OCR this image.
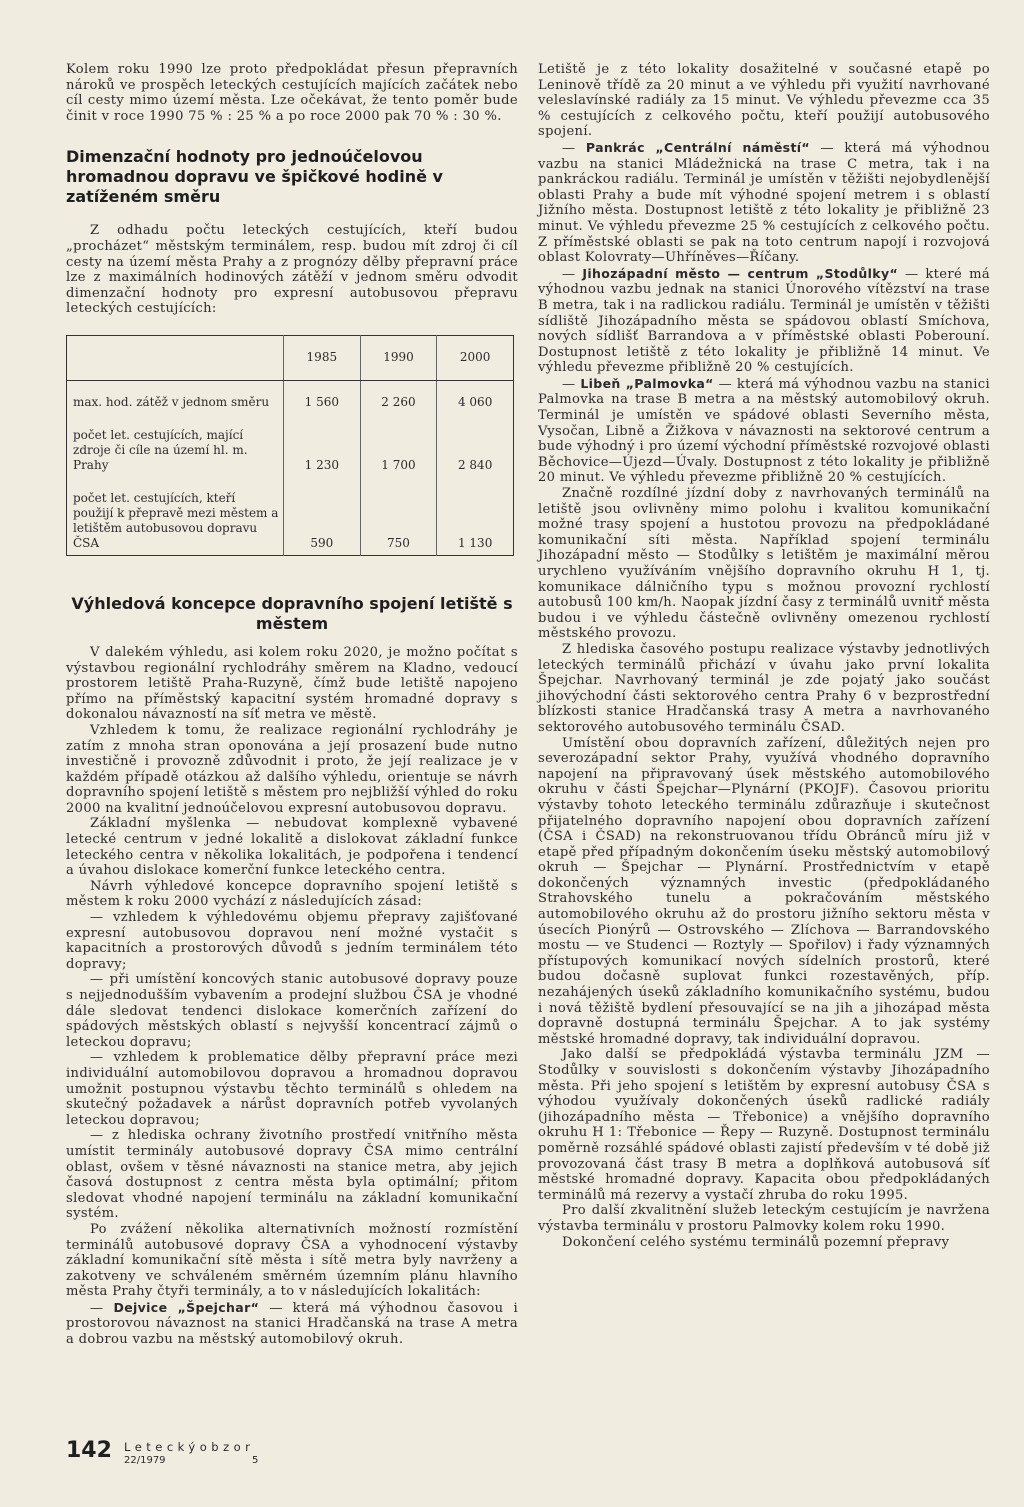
Kolem roku 1990 lze proto předpokládat přesun přepravních nároků ve prospěch leteckých cestujících majících začátek nebo cíl cesty mimo území města. Lze očekávat, že tento poměr bude činit v roce 1990 75 % : 25 % a po roce 2000 pak 70 % : 30 %.

Dimenzační hodnoty pro jednoúčelovou hromadnou dopravu ve špičkové hodině v zatíženém směru

Z odhadu počtu leteckých cestujících, kteří budou „procházet“ městským terminálem, resp. budou mít zdroj či cíl cesty na území města Prahy a z prognózy dělby přepravní práce lze z maximálních hodinových zátěží v jednom směru odvodit dimenzační hodnoty pro expresní autobusovou přepravu leteckých cestujících:

	1985	1990	2000
max. hod. zátěž v jednom směru	1 560	2 260	4 060
počet let. cestujících, mající zdroje či cíle na území hl. m. Prahy	1 230	1 700	2 840
počet let. cestujících, kteří použijí k přepravě mezi městem a letištěm autobusovou dopravu ČSA	590	750	1 130
Výhledová koncepce dopravního spojení letiště s městem

V dalekém výhledu, asi kolem roku 2020, je možno počítat s výstavbou regionální rychlodráhy směrem na Kladno, vedoucí prostorem letiště Praha-Ruzyně, čímž bude letiště napojeno přímo na příměstský kapacitní systém hromadné dopravy s dokonalou návazností na síť metra ve městě.

Vzhledem k tomu, že realizace regionální rychlodráhy je zatím z mnoha stran oponována a její prosazení bude nutno investičně i provozně zdůvodnit i proto, že její realizace je v každém případě otázkou až dalšího výhledu, orientuje se návrh dopravního spojení letiště s městem pro nejbližší výhled do roku 2000 na kvalitní jednoúčelovou expresní autobusovou dopravu.

Základní myšlenka — nebudovat komplexně vybavené letecké centrum v jedné lokalitě a dislokovat základní funkce leteckého centra v několika lokalitách, je podpořena i tendencí a úvahou dislokace komerční funkce leteckého centra.

Návrh výhledové koncepce dopravního spojení letiště s městem k roku 2000 vychází z následujících zásad:

— vzhledem k výhledovému objemu přepravy zajišťované expresní autobusovou dopravou není možné vystačit s kapacitních a prostorových důvodů s jedním terminálem této dopravy;

— při umístění koncových stanic autobusové dopravy pouze s nejjednodušším vybavením a prodejní službou ČSA je vhodné dále sledovat tendenci dislokace komerčních zařízení do spádových městských oblastí s nejvyšší koncentrací zájmů o leteckou dopravu;

— vzhledem k problematice dělby přepravní práce mezi individuální automobilovou dopravou a hromadnou dopravou umožnit postupnou výstavbu těchto terminálů s ohledem na skutečný požadavek a nárůst dopravních potřeb vyvolaných leteckou dopravou;

— z hlediska ochrany životního prostředí vnitřního města umístit terminály autobusové dopravy ČSA mimo centrální oblast, ovšem v těsné návaznosti na stanice metra, aby jejich časová dostupnost z centra města byla optimální; přitom sledovat vhodné napojení terminálu na základní komunikační systém.

Po zvážení několika alternativních možností rozmístění terminálů autobusové dopravy ČSA a vyhodnocení výstavby základní komunikační sítě města i sítě metra byly navrženy a zakotveny ve schváleném směrném územním plánu hlavního města Prahy čtyři terminály, a to v následujících lokalitách:

— Dejvice „Špejchar“ — která má výhodnou časovou i prostorovou návaznost na stanici Hradčanská na trase A metra a dobrou vazbu na městský automobilový okruh.

Letiště je z této lokality dosažitelné v současné etapě po Leninově třídě za 20 minut a ve výhledu při využití navrhované veleslavínské radiály za 15 minut. Ve výhledu převezme cca 35 % cestujících z celkového počtu, kteří použijí autobusového spojení.

— Pankrác „Centrální náměstí“ — která má výhodnou vazbu na stanici Mládežnická na trase C metra, tak i na pankráckou radiálu. Terminál je umístěn v těžišti nejobydlenější oblasti Prahy a bude mít výhodné spojení metrem i s oblastí Jižního města. Dostupnost letiště z této lokality je přibližně 23 minut. Ve výhledu převezme 25 % cestujících z celkového počtu. Z příměstské oblasti se pak na toto centrum napojí i rozvojová oblast Kolovraty—Uhříněves—Říčany.

— Jihozápadní město — centrum „Stodůlky“ — které má výhodnou vazbu jednak na stanici Únorového vítězství na trase B metra, tak i na radlickou radiálu. Terminál je umístěn v těžišti sídliště Jihozápadního města se spádovou oblastí Smíchova, nových sídlišť Barrandova a v příměstské oblasti Poberouní. Dostupnost letiště z této lokality je přibližně 14 minut. Ve výhledu převezme přibližně 20 % cestujících.

— Libeň „Palmovka“ — která má výhodnou vazbu na stanici Palmovka na trase B metra a na městský automobilový okruh. Terminál je umístěn ve spádové oblasti Severního města, Vysočan, Libně a Žižkova v návaznosti na sektorové centrum a bude výhodný i pro území východní příměstské rozvojové oblasti Běchovice—Újezd—Úvaly. Dostupnost z této lokality je přibližně 20 minut. Ve výhledu převezme přibližně 20 % cestujících.

Značně rozdílné jízdní doby z navrhovaných terminálů na letiště jsou ovlivněny mimo polohu i kvalitou komunikační možné trasy spojení a hustotou provozu na předpokládané komunikační síti města. Například spojení terminálu Jihozápadní město — Stodůlky s letištěm je maximální měrou urychleno využíváním vnějšího dopravního okruhu H 1, tj. komunikace dálničního typu s možnou provozní rychlostí autobusů 100 km/h. Naopak jízdní časy z terminálů uvnitř města budou i ve výhledu částečně ovlivněny omezenou rychlostí městského provozu.

Z hlediska časového postupu realizace výstavby jednotlivých leteckých terminálů přichází v úvahu jako první lokalita Špejchar. Navrhovaný terminál je zde pojatý jako součást jihovýchodní části sektorového centra Prahy 6 v bezprostřední blízkosti stanice Hradčanská trasy A metra a navrhovaného sektorového autobusového terminálu ČSAD.

Umístění obou dopravních zařízení, důležitých nejen pro severozápadní sektor Prahy, využívá vhodného dopravního napojení na připravovaný úsek městského automobilového okruhu v části Špejchar—Plynární (PKOJF). Časovou prioritu výstavby tohoto leteckého terminálu zdůrazňuje i skutečnost přijatelného dopravního napojení obou dopravních zařízení (ČSA i ČSAD) na rekonstruovanou třídu Obránců míru již v etapě před případným dokončením úseku městský automobilový okruh — Špejchar — Plynární. Prostřednictvím v etapě dokončených významných investic (předpokládaného Strahovského tunelu a pokračováním městského automobilového okruhu až do prostoru jižního sektoru města v úsecích Pionýrů — Ostrovského — Zlíchova — Barrandovského mostu — ve Studenci — Roztyly — Spořilov) i řady významných přístupových komunikací nových sídelních prostorů, které budou dočasně suplovat funkci rozestavěných, příp. nezahájených úseků základního komunikačního systému, budou i nová těžiště bydlení přesouvající se na jih a jihozápad města dopravně dostupná terminálu Špejchar. A to jak systémy městské hromadné dopravy, tak individuální dopravou.

Jako další se předpokládá výstavba terminálu JZM — Stodůlky v souvislosti s dokončením výstavby Jihozápadního města. Při jeho spojení s letištěm by expresní autobusy ČSA s výhodou využívaly dokončených úseků radlické radiály (jihozápadního města — Třebonice) a vnějšího dopravního okruhu H 1: Třebonice — Řepy — Ruzyně. Dostupnost terminálu poměrně rozsáhlé spádové oblasti zajistí především v té době již provozovaná část trasy B metra a doplňková autobusová síť městské hromadné dopravy. Kapacita obou předpokládaných terminálů má rezervy a vystačí zhruba do roku 1995.

Pro další zkvalitnění služeb leteckým cestujícím je navržena výstavba terminálu v prostoru Palmovky kolem roku 1990.

Dokončení celého systému terminálů pozemní přepravy

142 Leteckýobzor
22/1979	5
